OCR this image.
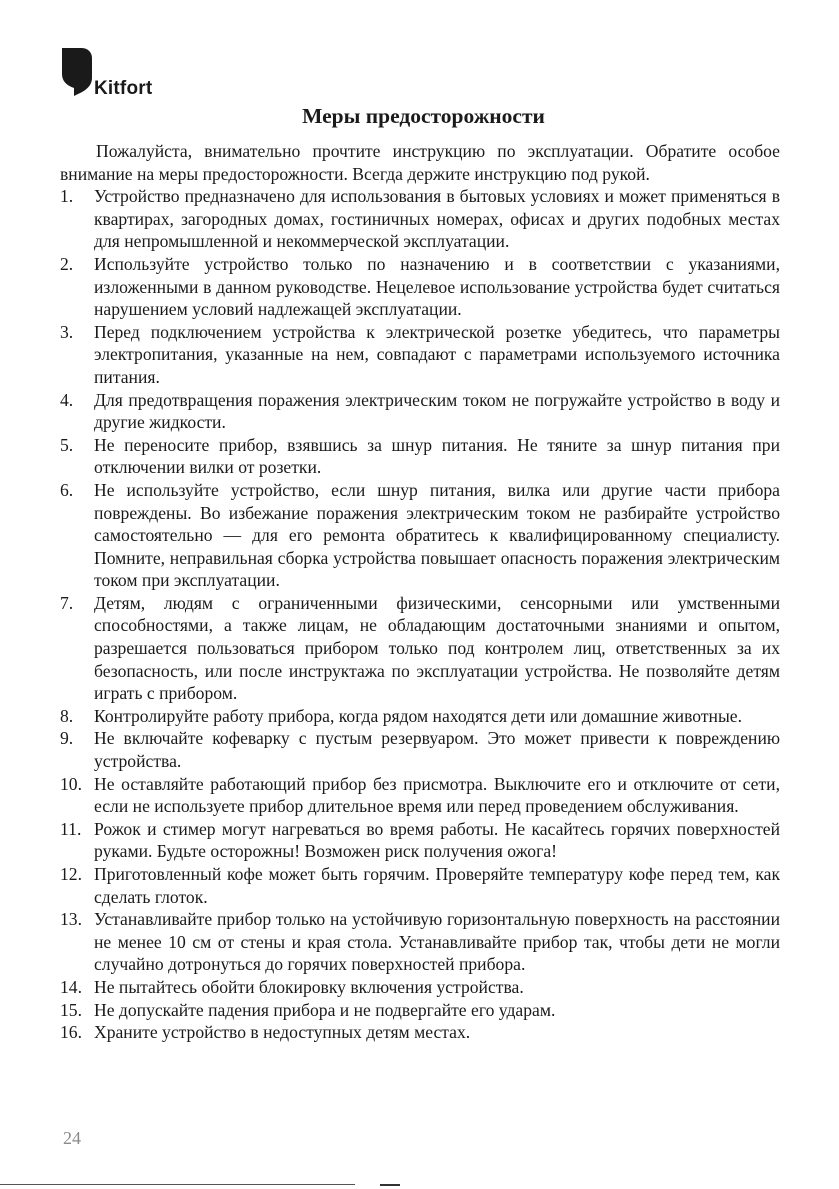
Kitfort
Меры предосторожности

Пожалуйста, внимательно прочтите инструкцию по эксплуатации. Обратите особое внимание на меры предосторожности. Всегда держите инструкцию под рукой.

1. Устройство предназначено для использования в бытовых условиях и может применяться в квартирах, загородных домах, гостиничных номерах, офисах и других подобных местах для непромышленной и некоммерческой эксплуатации.
2. Используйте устройство только по назначению и в соответствии с указаниями, изложенными в данном руководстве. Нецелевое использование устройства будет считаться нарушением условий надлежащей эксплуатации.
3. Перед подключением устройства к электрической розетке убедитесь, что параметры электропитания, указанные на нем, совпадают с параметрами используемого источника питания.
4. Для предотвращения поражения электрическим током не погружайте устройство в воду и другие жидкости.
5. Не переносите прибор, взявшись за шнур питания. Не тяните за шнур питания при отключении вилки от розетки.
6. Не используйте устройство, если шнур питания, вилка или другие части прибора повреждены. Во избежание поражения электрическим током не разбирайте устройство самостоятельно — для его ремонта обратитесь к квалифицированному специалисту. Помните, неправильная сборка устройства повышает опасность поражения электрическим током при эксплуатации.
7. Детям, людям с ограниченными физическими, сенсорными или умственными способностями, а также лицам, не обладающим достаточными знаниями и опытом, разрешается пользоваться прибором только под контролем лиц, ответственных за их безопасность, или после инструктажа по эксплуатации устройства. Не позволяйте детям играть с прибором.
8. Контролируйте работу прибора, когда рядом находятся дети или домашние животные.
9. Не включайте кофеварку с пустым резервуаром. Это может привести к повреждению устройства.
10. Не оставляйте работающий прибор без присмотра. Выключите его и отключите от сети, если не используете прибор длительное время или перед проведением обслуживания.
11. Рожок и стимер могут нагреваться во время работы. Не касайтесь горячих поверхностей руками. Будьте осторожны! Возможен риск получения ожога!
12. Приготовленный кофе может быть горячим. Проверяйте температуру кофе перед тем, как сделать глоток.
13. Устанавливайте прибор только на устойчивую горизонтальную поверхность на расстоянии не менее 10 см от стены и края стола. Устанавливайте прибор так, чтобы дети не могли случайно дотронуться до горячих поверхностей прибора.
14. Не пытайтесь обойти блокировку включения устройства.
15. Не допускайте падения прибора и не подвергайте его ударам.
16. Храните устройство в недоступных детям местах.
24
